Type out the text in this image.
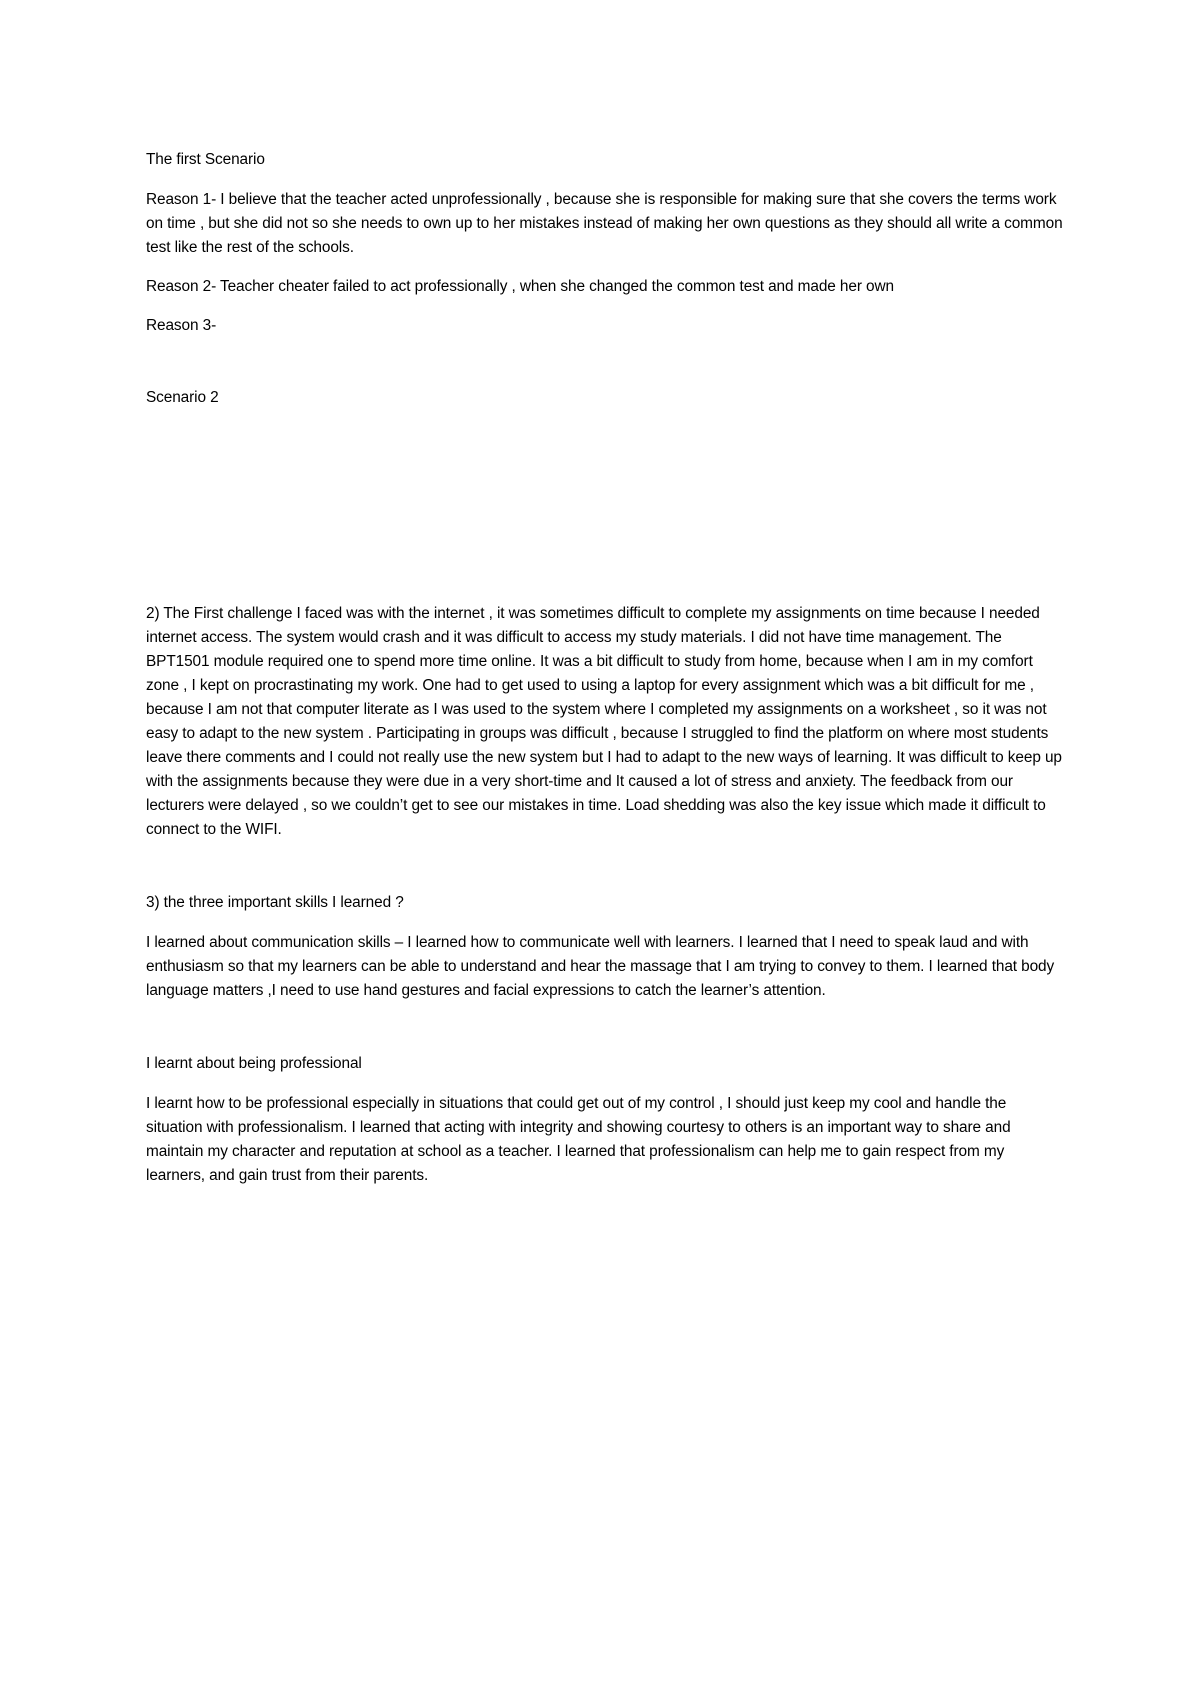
The first Scenario

Reason 1- I believe that the teacher acted unprofessionally , because she is responsible for making sure that she covers the terms work on time , but she did not so she needs to own up to her mistakes instead of making her own questions as they should all write a common test like the rest of the schools.

Reason 2- Teacher cheater failed to act professionally , when she changed the common test and made her own

Reason 3-

Scenario 2

2) The First challenge I faced was with the internet , it was sometimes difficult to complete my assignments on time because I needed internet access. The system would crash and it was difficult to access my study materials. I did not have time management. The BPT1501 module required one to spend more time online. It was a bit difficult to study from home, because when I am in my comfort zone , I kept on procrastinating my work. One had to get used to using a laptop for every assignment which was a bit difficult for me , because I am not that computer literate as I was used to the system where I completed my assignments on a worksheet , so it was not easy to adapt to the new system . Participating in groups was difficult , because I struggled to find the platform on where most students leave there comments and I could not really use the new system but I had to adapt to the new ways of learning. It was difficult to keep up with the assignments because they were due in a very short-time and It caused a lot of stress and anxiety. The feedback from our lecturers were delayed , so we couldn’t get to see our mistakes in time. Load shedding was also the key issue which made it difficult to connect to the WIFI.

3) the three important skills I learned ?

I learned about communication skills – I learned how to communicate well with learners. I learned that I need to speak laud and with enthusiasm so that my learners can be able to understand and hear the massage that I am trying to convey to them. I learned that body language matters ,I need to use hand gestures and facial expressions to catch the learner’s attention.

I learnt about being professional

I learnt how to be professional especially in situations that could get out of my control , I should just keep my cool and handle the situation with professionalism. I learned that acting with integrity and showing courtesy to others is an important way to share and maintain my character and reputation at school as a teacher. I learned that professionalism can help me to gain respect from my learners, and gain trust from their parents.
